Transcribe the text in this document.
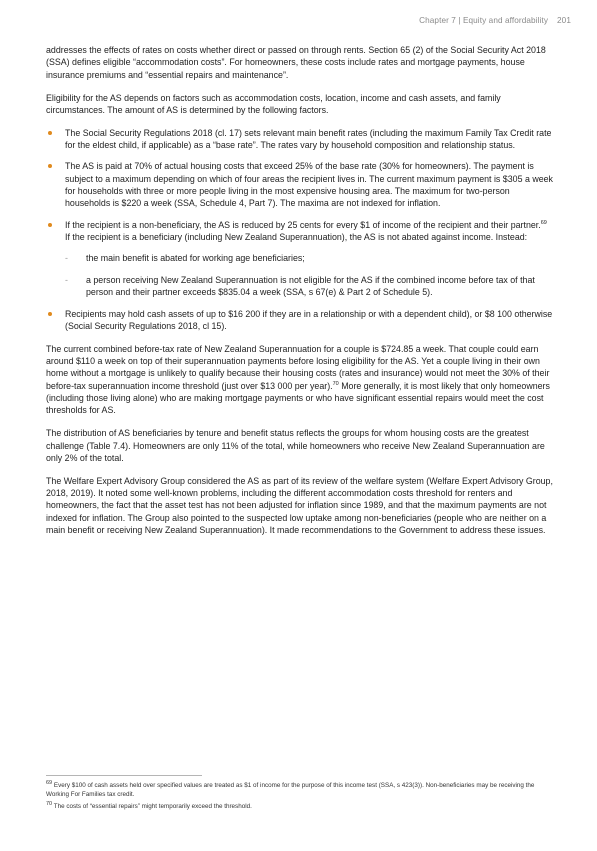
Chapter 7 | Equity and affordability 201

addresses the effects of rates on costs whether direct or passed on through rents. Section 65 (2) of the Social Security Act 2018 (SSA) defines eligible “accommodation costs”. For homeowners, these costs include rates and mortgage payments, house insurance premiums and “essential repairs and maintenance”.

Eligibility for the AS depends on factors such as accommodation costs, location, income and cash assets, and family circumstances. The amount of AS is determined by the following factors.

The Social Security Regulations 2018 (cl. 17) sets relevant main benefit rates (including the maximum Family Tax Credit rate for the eldest child, if applicable) as a “base rate”. The rates vary by household composition and relationship status.
The AS is paid at 70% of actual housing costs that exceed 25% of the base rate (30% for homeowners). The payment is subject to a maximum depending on which of four areas the recipient lives in. The current maximum payment is $305 a week for households with three or more people living in the most expensive housing area. The maximum for two-person households is $220 a week (SSA, Schedule 4, Part 7). The maxima are not indexed for inflation.
If the recipient is a non-beneficiary, the AS is reduced by 25 cents for every $1 of income of the recipient and their partner.$^{69}$ If the recipient is a beneficiary (including New Zealand Superannuation), the AS is not abated against income. Instead:
- the main benefit is abated for working age beneficiaries;
- a person receiving New Zealand Superannuation is not eligible for the AS if the combined income before tax of that person and their partner exceeds $835.04 a week (SSA, s 67(e) & Part 2 of Schedule 5).
Recipients may hold cash assets of up to $16 200 if they are in a relationship or with a dependent child), or $8 100 otherwise (Social Security Regulations 2018, cl 15).

The current combined before-tax rate of New Zealand Superannuation for a couple is $724.85 a week. That couple could earn around $110 a week on top of their superannuation payments before losing eligibility for the AS. Yet a couple living in their own home without a mortgage is unlikely to qualify because their housing costs (rates and insurance) would not meet the 30% of their before-tax superannuation income threshold (just over $13 000 per year).$^{70}$ More generally, it is most likely that only homeowners (including those living alone) who are making mortgage payments or who have significant essential repairs would meet the cost thresholds for AS.

The distribution of AS beneficiaries by tenure and benefit status reflects the groups for whom housing costs are the greatest challenge (Table 7.4). Homeowners are only 11% of the total, while homeowners who receive New Zealand Superannuation are only 2% of the total.

The Welfare Expert Advisory Group considered the AS as part of its review of the welfare system (Welfare Expert Advisory Group, 2018, 2019). It noted some well-known problems, including the different accommodation costs threshold for renters and homeowners, the fact that the asset test has not been adjusted for inflation since 1989, and that the maximum payments are not indexed for inflation. The Group also pointed to the suspected low uptake among non-beneficiaries (people who are neither on a main benefit or receiving New Zealand Superannuation). It made recommendations to the Government to address these issues.

$^{69}$ Every $100 of cash assets held over specified values are treated as $1 of income for the purpose of this income test (SSA, s 423(3)). Non-beneficiaries may be receiving the Working For Families tax credit.
$^{70}$ The costs of “essential repairs” might temporarily exceed the threshold.
